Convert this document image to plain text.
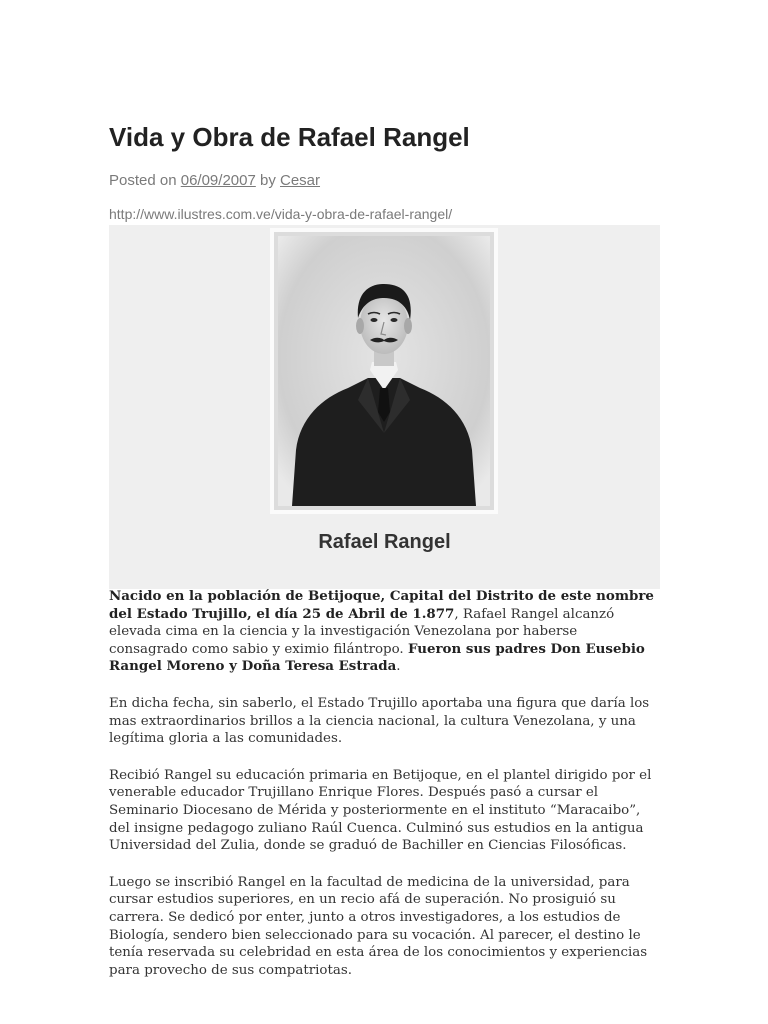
Vida y Obra de Rafael Rangel
Posted on 06/09/2007 by Cesar
http://www.ilustres.com.ve/vida-y-obra-de-rafael-rangel/
Rafael Rangel

Nacido en la población de Betijoque, Capital del Distrito de este nombre del Estado Trujillo, el día 25 de Abril de 1.877, Rafael Rangel alcanzó elevada cima en la ciencia y la investigación Venezolana por haberse consagrado como sabio y eximio filántropo. Fueron sus padres Don Eusebio Rangel Moreno y Doña Teresa Estrada.

En dicha fecha, sin saberlo, el Estado Trujillo aportaba una figura que daría los mas extraordinarios brillos a la ciencia nacional, la cultura Venezolana, y una legítima gloria a las comunidades.

Recibió Rangel su educación primaria en Betijoque, en el plantel dirigido por el venerable educador Trujillano Enrique Flores. Después pasó a cursar el Seminario Diocesano de Mérida y posteriormente en el instituto “Maracaibo”, del insigne pedagogo zuliano Raúl Cuenca. Culminó sus estudios en la antigua Universidad del Zulia, donde se graduó de Bachiller en Ciencias Filosóficas.

Luego se inscribió Rangel en la facultad de medicina de la universidad, para cursar estudios superiores, en un recio afá de superación. No prosiguió su carrera. Se dedicó por enter, junto a otros investigadores, a los estudios de Biología, sendero bien seleccionado para su vocación. Al parecer, el destino le tenía reservada su celebridad en esta área de los conocimientos y experiencias para provecho de sus compatriotas.
